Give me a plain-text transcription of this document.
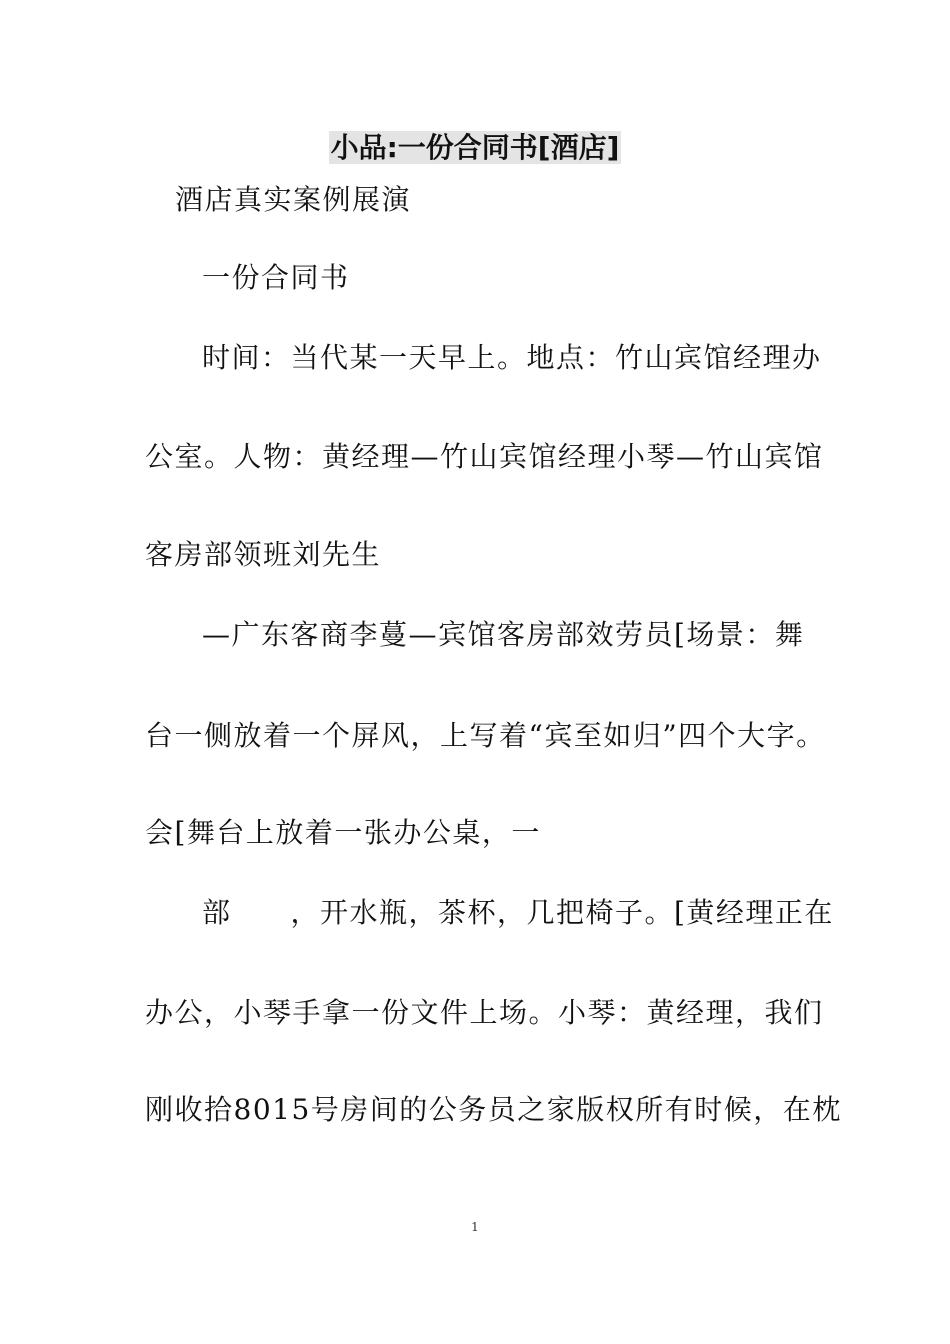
小品:一份合同书[酒店]
酒店真实案例展演
一份合同书
时间：当代某一天早上。地点：竹山宾馆经理办
公室。人物：黄经理—竹山宾馆经理小琴—竹山宾馆
客房部领班刘先生
—广东客商李蔓—宾馆客房部效劳员[场景：舞
台一侧放着一个屏风，上写着“宾至如归”四个大字。
会[舞台上放着一张办公桌，一
部　　，开水瓶，茶杯，几把椅子。[黄经理正在
办公，小琴手拿一份文件上场。小琴：黄经理，我们
刚收拾8015号房间的公务员之家版权所有时候，在枕
1
